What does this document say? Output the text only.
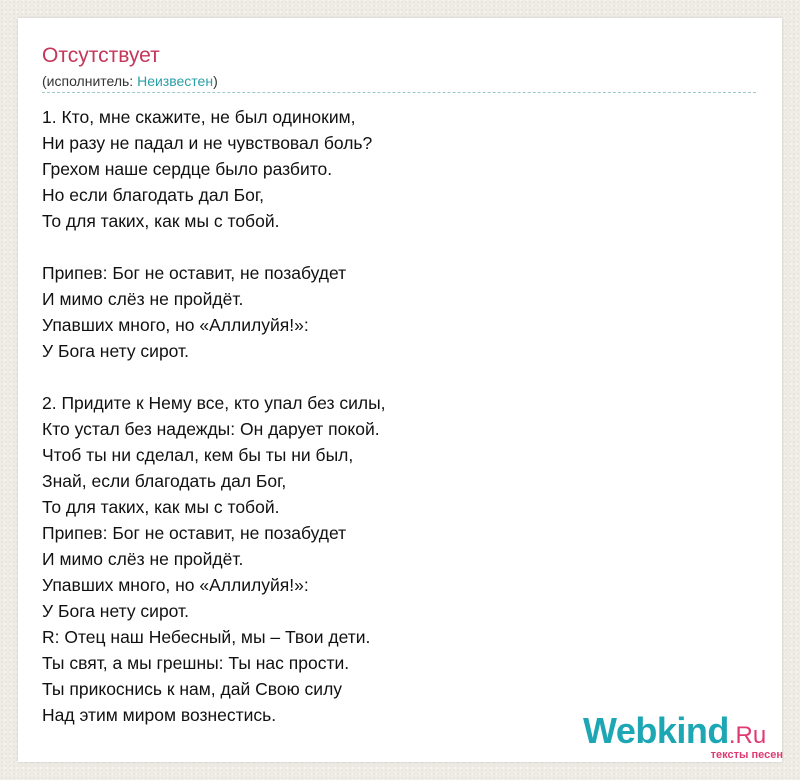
Отсутствует
(исполнитель: Неизвестен)
1. Кто, мне скажите, не был одиноким,
Ни разу не падал и не чувствовал боль?
Грехом наше сердце было разбито.
Но если благодать дал Бог,
То для таких, как мы с тобой.
Припев: Бог не оставит, не позабудет
И мимо слёз не пройдёт.
Упавших много, но «Аллилуйя!»:
У Бога нету сирот.
2. Придите к Нему все, кто упал без силы,
Кто устал без надежды: Он дарует покой.
Чтоб ты ни сделал, кем бы ты ни был,
Знай, если благодать дал Бог,
То для таких, как мы с тобой.
Припев: Бог не оставит, не позабудет
И мимо слёз не пройдёт.
Упавших много, но «Аллилуйя!»:
У Бога нету сирот.
R: Отец наш Небесный, мы – Твои дети.
Ты свят, а мы грешны: Ты нас прости.
Ты прикоснись к нам, дай Свою силу
Над этим миром вознестись.	Webkind.Ru
тексты песен
